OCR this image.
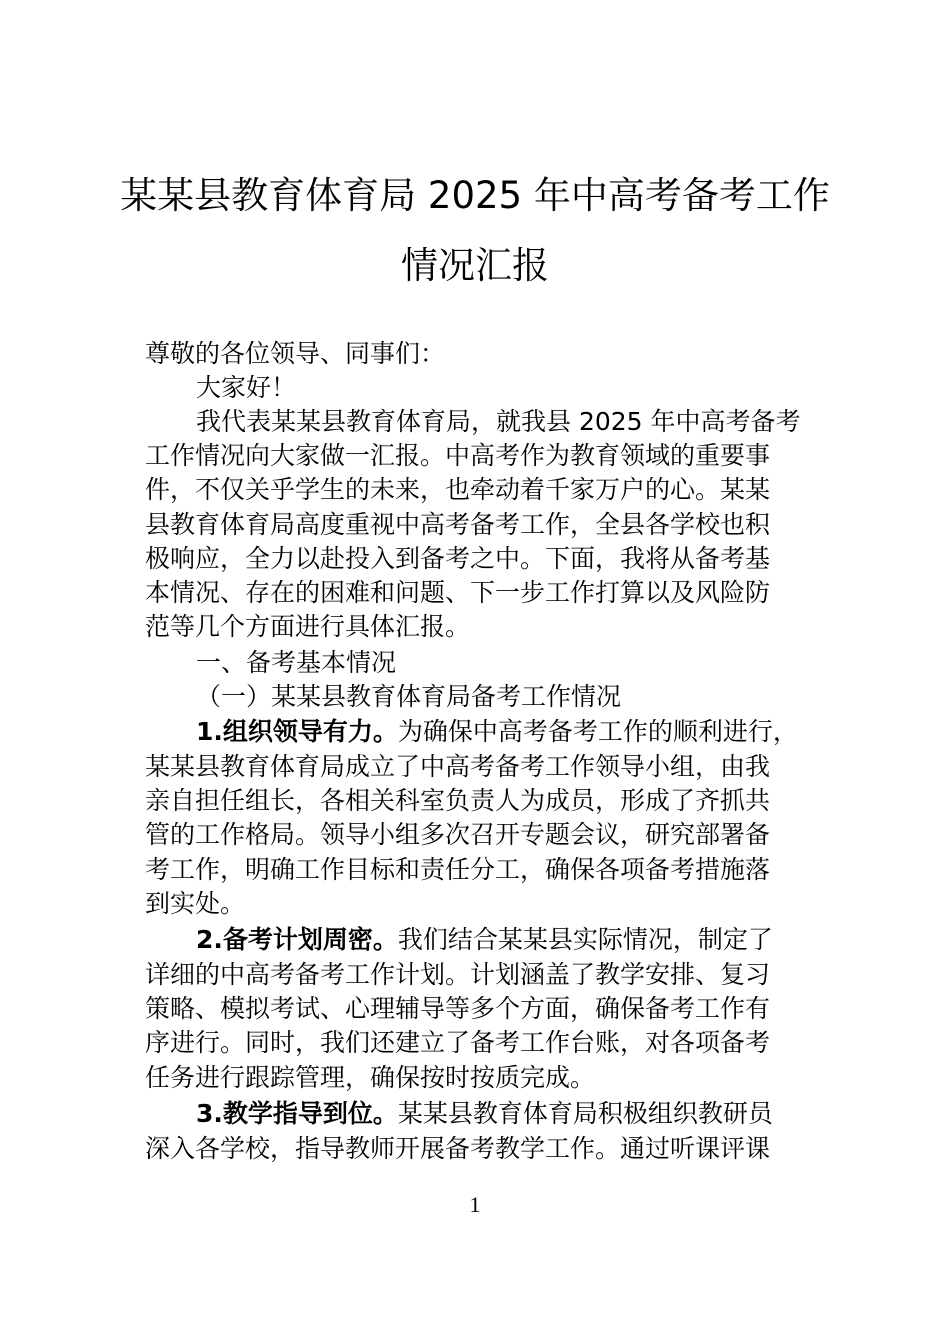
某某县教育体育局 2025 年中高考备考工作
情况汇报
尊敬的各位领导、同事们：
大家好！
我代表某某县教育体育局，就我县 2025 年中高考备考
工作情况向大家做一汇报。中高考作为教育领域的重要事
件，不仅关乎学生的未来，也牵动着千家万户的心。某某
县教育体育局高度重视中高考备考工作，全县各学校也积
极响应，全力以赴投入到备考之中。下面，我将从备考基
本情况、存在的困难和问题、下一步工作打算以及风险防
范等几个方面进行具体汇报。
一、备考基本情况
（一）某某县教育体育局备考工作情况
1.组织领导有力。为确保中高考备考工作的顺利进行，
某某县教育体育局成立了中高考备考工作领导小组，由我
亲自担任组长，各相关科室负责人为成员，形成了齐抓共
管的工作格局。领导小组多次召开专题会议，研究部署备
考工作，明确工作目标和责任分工，确保各项备考措施落
到实处。
2.备考计划周密。我们结合某某县实际情况，制定了
详细的中高考备考工作计划。计划涵盖了教学安排、复习
策略、模拟考试、心理辅导等多个方面，确保备考工作有
序进行。同时，我们还建立了备考工作台账，对各项备考
任务进行跟踪管理，确保按时按质完成。
3.教学指导到位。某某县教育体育局积极组织教研员
深入各学校，指导教师开展备考教学工作。通过听课评课
1
